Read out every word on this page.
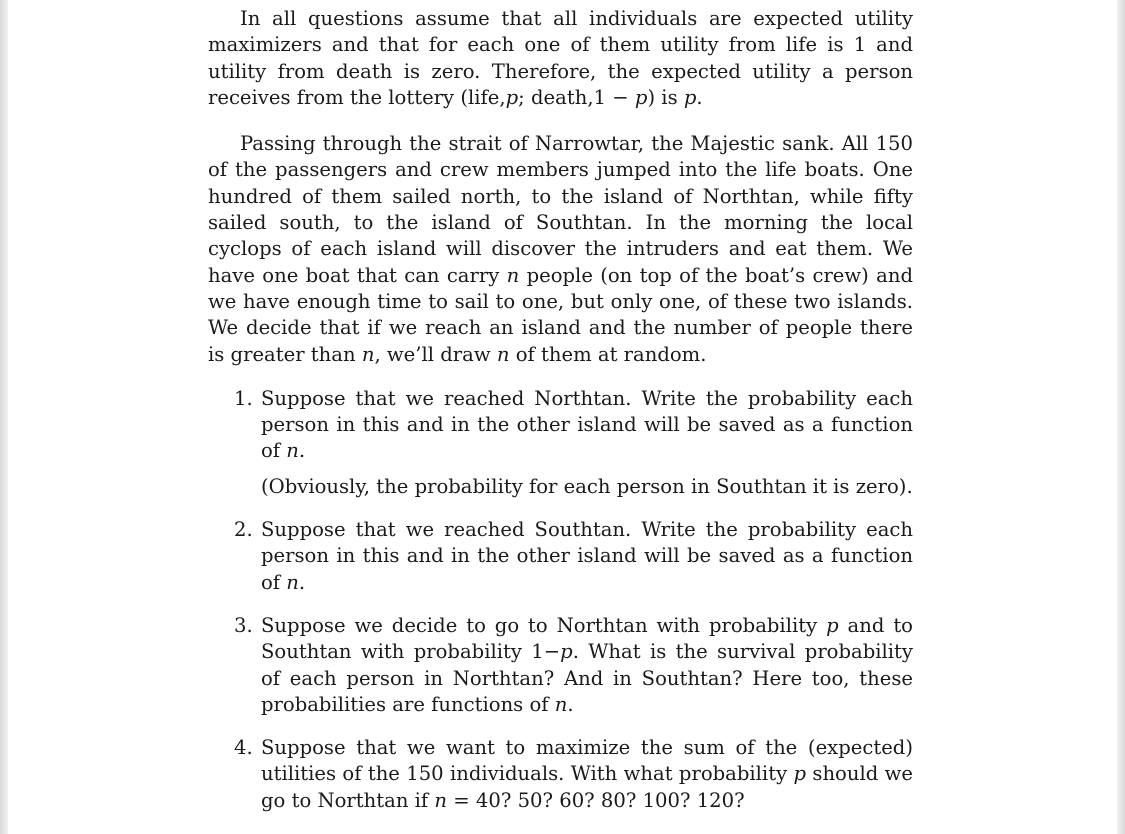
In all questions assume that all individuals are expected utility maximizers and that for each one of them utility from life is 1 and utility from death is zero. Therefore, the expected utility a person receives from the lottery (life,p; death,1 − p) is p.

Passing through the strait of Narrowtar, the Majestic sank. All 150 of the passengers and crew members jumped into the life boats. One hundred of them sailed north, to the island of Northtan, while fifty sailed south, to the island of Southtan. In the morning the local cyclops of each island will discover the intruders and eat them. We have one boat that can carry n people (on top of the boat’s crew) and we have enough time to sail to one, but only one, of these two islands. We decide that if we reach an island and the number of people there is greater than n, we’ll draw n of them at random.

1. Suppose that we reached Northtan. Write the probability each person in this and in the other island will be saved as a function of n.
(Obviously, the probability for each person in Southtan it is zero).
2. Suppose that we reached Southtan. Write the probability each person in this and in the other island will be saved as a function of n.
3. Suppose we decide to go to Northtan with probability p and to Southtan with probability 1−p. What is the survival probability of each person in Northtan? And in Southtan? Here too, these probabilities are functions of n.
4. Suppose that we want to maximize the sum of the (expected) utilities of the 150 individuals. With what probability p should we go to Northtan if n = 40? 50? 60? 80? 100? 120?
